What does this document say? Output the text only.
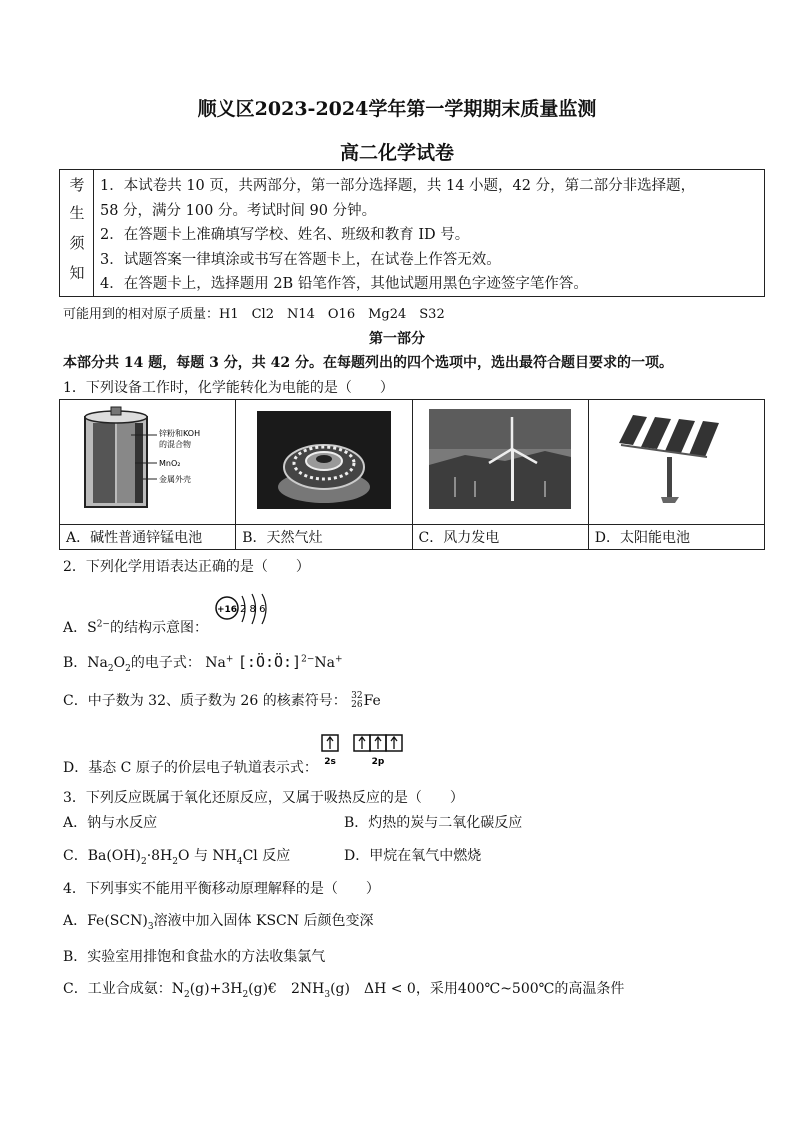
顺义区2023-2024学年第一学期期末质量监测
高二化学试卷
考
生
须
知
1．本试卷共 10 页，共两部分，第一部分选择题，共 14 小题，42 分，第二部分非选择题，
58 分，满分 100 分。考试时间 90 分钟。
2．在答题卡上准确填写学校、姓名、班级和教育 ID 号。
3．试题答案一律填涂或书写在答题卡上，在试卷上作答无效。
4．在答题卡上，选择题用 2B 铅笔作答，其他试题用黑色字迹签字笔作答。
可能用到的相对原子质量：H1　Cl2　N14　O16　Mg24　S32
第一部分
本部分共 14 题，每题 3 分，共 42 分。在每题列出的四个选项中，选出最符合题目要求的一项。
1．下列设备工作时，化学能转化为电能的是（　　）
锌粉和KOH
的混合物
MnO₂
金属外壳

A．碱性普通锌锰电池	B．天然气灶	C．风力发电	D．太阳能电池
2．下列化学用语表达正确的是（　　）
A．$S^{2-}$的结构示意图：
+16 2 8 6
B．$Na_2O_2$的电子式： Na+ [:Ö:Ö:]$^{2-}$Na+
C．中子数为 32、质子数为 26 的核素符号： 32
26Fe
2s	2p
D．基态 C 原子的价层电子轨道表示式：
3．下列反应既属于氧化还原反应，又属于吸热反应的是（　　）
A．钠与水反应	B．灼热的炭与二氧化碳反应
C．$Ba(OH)_2\cdot 8H_2O$ 与 $NH_4Cl$ 反应	D．甲烷在氧气中燃烧
4．下列事实不能用平衡移动原理解释的是（　　）
A．$Fe(SCN)_3$溶液中加入固体 KSCN 后颜色变深
B．实验室用排饱和食盐水的方法收集氯气
C．工业合成氨：$N_2(g)+3H_2(g)€$　$2NH_3(g)$　ΔH < 0，采用400℃~500℃的高温条件
